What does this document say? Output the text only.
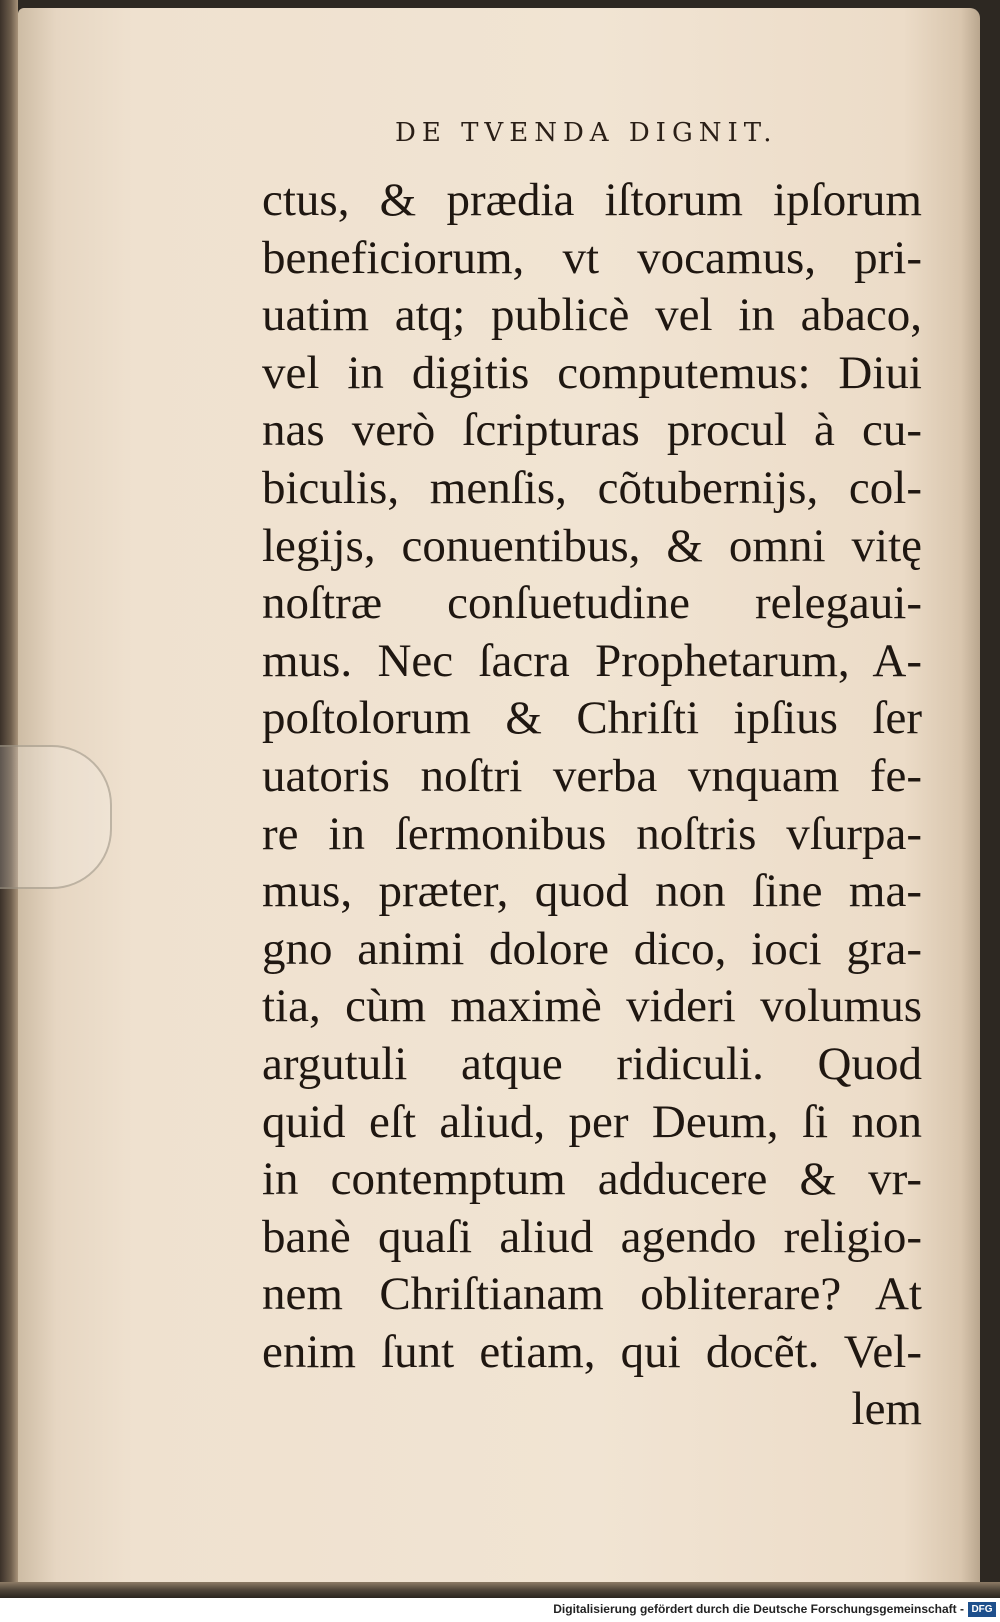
DE TVENDA DIGNIT.
ctus, & prædia iſtorum ipſorum
beneficiorum, vt vocamus, pri-
uatim atq; publicè vel in abaco,
vel in digitis computemus: Diui
nas verò ſcripturas procul à cu-
biculis, menſis, cõtubernijs, col-
legijs, conuentibus, & omni vitę
noſtræ conſuetudine relegaui-
mus. Nec ſacra Prophetarum, A-
poſtolorum & Chriſti ipſius ſer
uatoris noſtri verba vnquam fe-
re in ſermonibus noſtris vſurpa-
mus, præter, quod non ſine ma-
gno animi dolore dico, ioci gra-
tia, cùm maximè videri volumus
argutuli atque ridiculi. Quod
quid eſt aliud, per Deum, ſi non
in contemptum adducere & vr-
banè quaſi aliud agendo religio-
nem Chriſtianam obliterare? At
enim ſunt etiam, qui docẽt. Vel-
lem
Digitalisierung gefördert durch die Deutsche Forschungsgemeinschaft - DFG
